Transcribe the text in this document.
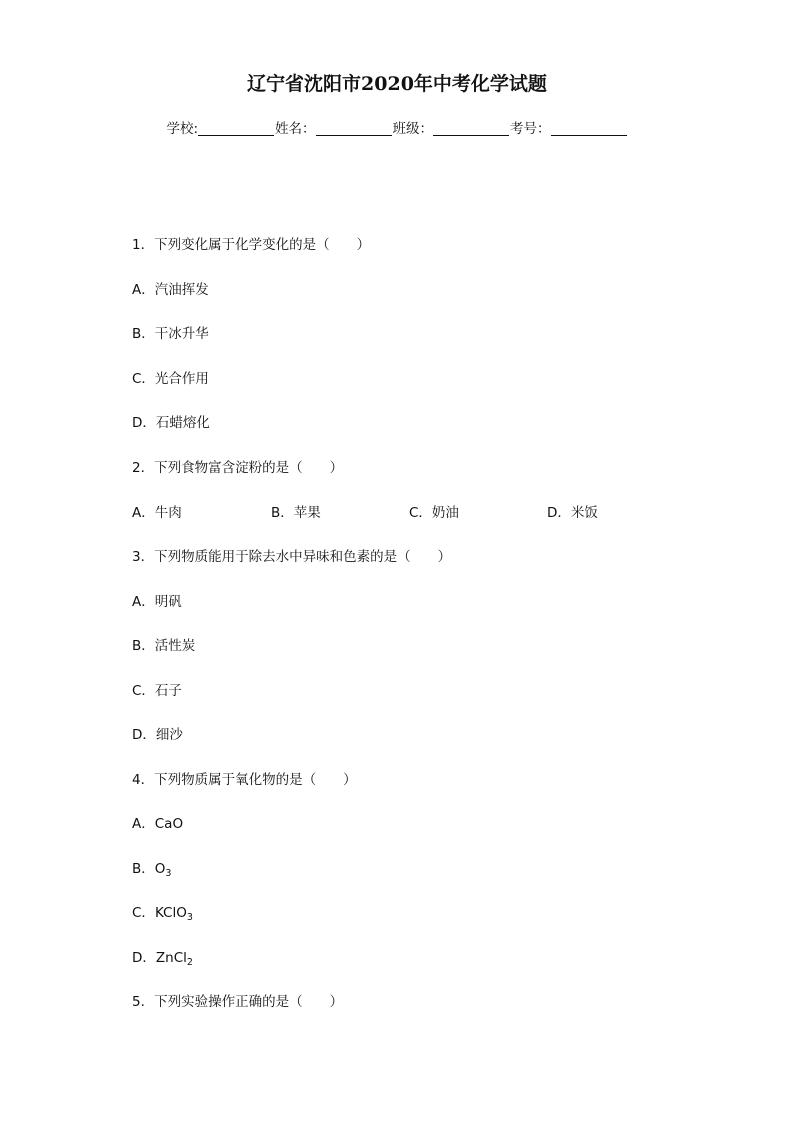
辽宁省沈阳市2020年中考化学试题
学校:	姓名：	班级：	考号：
1．下列变化属于化学变化的是（　　）
A．汽油挥发
B．干冰升华
C．光合作用
D．石蜡熔化
2．下列食物富含淀粉的是（　　）
A．牛肉	B．苹果	C．奶油	D．米饭
3．下列物质能用于除去水中异味和色素的是（　　）
A．明矾
B．活性炭
C．石子
D．细沙
4．下列物质属于氧化物的是（　　）
A．CaO
B．$O_3$
C．KClO$_3$
D．ZnCl$_2$
5．下列实验操作正确的是（　　）
